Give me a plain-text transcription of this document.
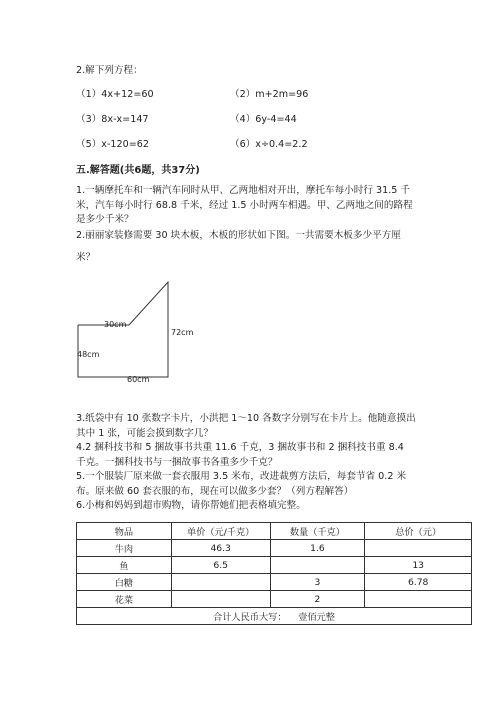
2.解下列方程：
（1）4x+12=60	（2）m+2m=96
（3）8x-x=147	（4）6y-4=44
（5）x-120=62	（6）x÷0.4=2.2
五.解答题(共6题，共37分)
1.一辆摩托车和一辆汽车同时从甲、乙两地相对开出，摩托车每小时行 31.5 千
米，汽车每小时行 68.8 千米，经过 1.5 小时两车相遇。甲、乙两地之间的路程
是多少千米？
2.丽丽家装修需要 30 块木板，木板的形状如下图。一共需要木板多少平方厘
米？
30cm
72cm
48cm
60cm
3.纸袋中有 10 张数字卡片，小洪把 1～10 各数字分别写在卡片上。他随意摸出
其中 1 张，可能会摸到数字几？
4.2 捆科技书和 5 捆故事书共重 11.6 千克，3 捆故事书和 2 捆科技书重 8.4
千克。一捆科技书与一捆故事书各重多少千克？
5.一个服装厂原来做一套衣服用 3.5 米布，改进裁剪方法后，每套节省 0.2 米
布。原来做 60 套衣服的布，现在可以做多少套？（列方程解答）
6.小梅和妈妈到超市购物，请你帮她们把表格填完整。
物品	单价（元/千克）	数量（千克）	总价（元）
牛肉	46.3	1.6	
鱼	6.5		13
白糖		3	6.78
花菜		2	
合计人民币大写：    壹佰元整			
